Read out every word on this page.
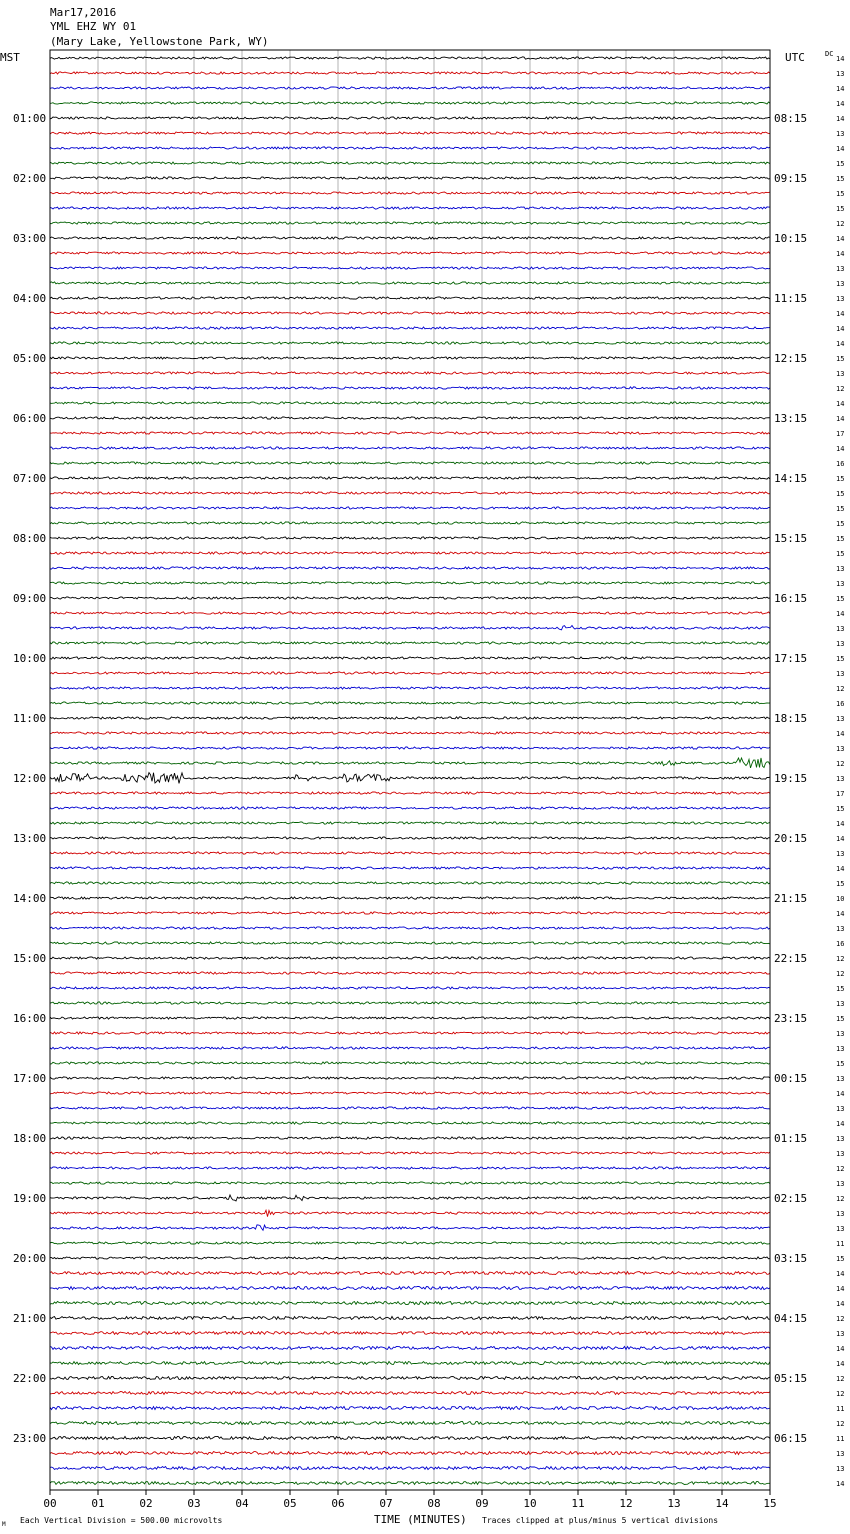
Mar17,2016
YML EHZ WY 01
(Mary Lake, Yellowstone Park, WY)
MST	UTC	DC
01:00
02:00
03:00
04:00
05:00
06:00
07:00
08:00
09:00
10:00
11:00
12:00
13:00
14:00
15:00
16:00
17:00
18:00
19:00
20:00
21:00
22:00
23:00
08:15
09:15
10:15
11:15
12:15
13:15
14:15
15:15
16:15
17:15
18:15
19:15
20:15
21:15
22:15
23:15
00:15
01:15
02:15
03:15
04:15
05:15
06:15
14
13
14
14
14
13
14
15
15
15
15
12
14
14
13
13
13
14
14
14
15
13
12
14
14
17
14
16
15
15
15
15
15
15
13
13
15
14
13
13
15
13
12
16
13
14
13
12
13
17
15
14
14
13
14
15
10
14
13
16
12
12
15
13
15
13
13
15
13
14
13
14
13
13
12
13
12
13
13
11
15
14
14
14
12
13
14
14
12
12
11
12
11
13
13
14
00	01	02	03	04	05	06	07	08	09	10	11	12	13	14	15
M Each Vertical Division = 500.00 microvolts	TIME (MINUTES) Traces clipped at plus/minus 5 vertical divisions
